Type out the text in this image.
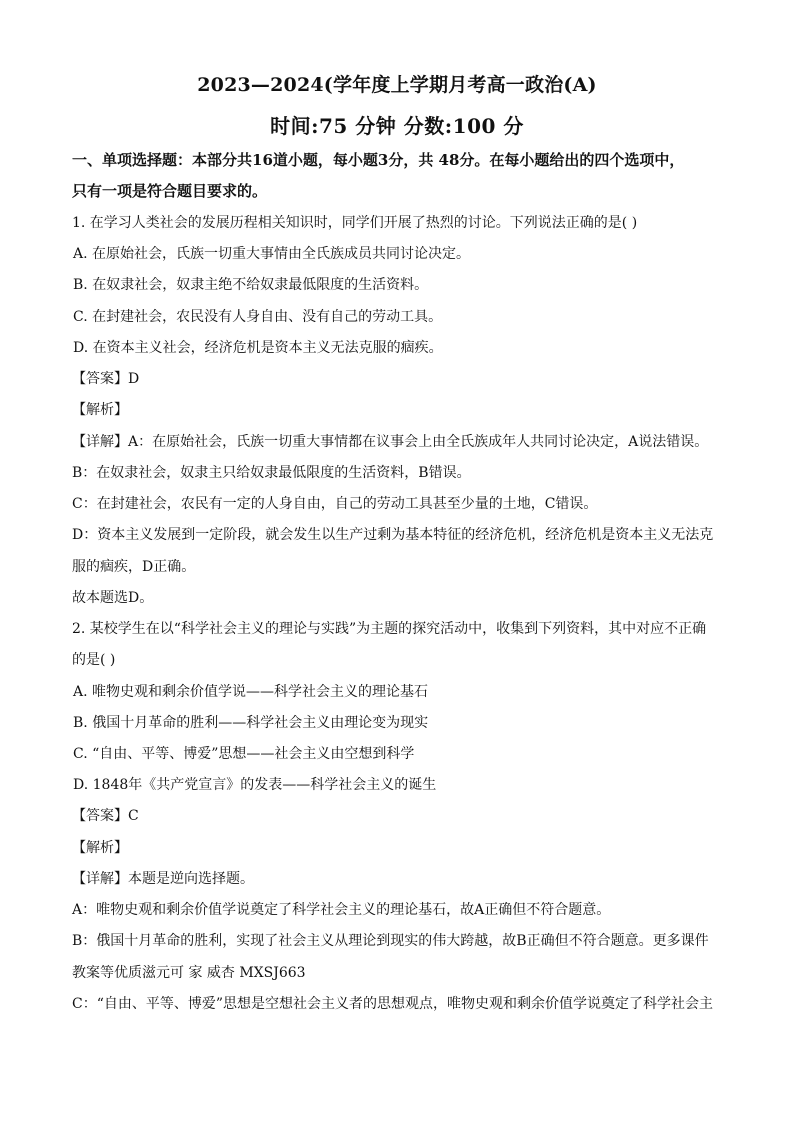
2023—2024(学年度上学期月考高一政治(A)
时间:75 分钟 分数:100 分
一、单项选择题：本部分共16道小题，每小题3分，共 48分。在每小题给出的四个选项中，
只有一项是符合题目要求的。
1. 在学习人类社会的发展历程相关知识时，同学们开展了热烈的讨论。下列说法正确的是( )
A. 在原始社会，氏族一切重大事情由全氏族成员共同讨论决定。
B. 在奴隶社会，奴隶主绝不给奴隶最低限度的生活资料。
C. 在封建社会，农民没有人身自由、没有自己的劳动工具。
D. 在资本主义社会，经济危机是资本主义无法克服的痼疾。
【答案】D
【解析】
【详解】A：在原始社会，氏族一切重大事情都在议事会上由全氏族成年人共同讨论决定，A说法错误。
B：在奴隶社会，奴隶主只给奴隶最低限度的生活资料，B错误。
C：在封建社会，农民有一定的人身自由，自己的劳动工具甚至少量的土地，C错误。
D：资本主义发展到一定阶段，就会发生以生产过剩为基本特征的经济危机，经济危机是资本主义无法克
服的痼疾，D正确。
故本题选D。
2. 某校学生在以“科学社会主义的理论与实践”为主题的探究活动中，收集到下列资料，其中对应不正确
的是( )
A. 唯物史观和剩余价值学说——科学社会主义的理论基石
B. 俄国十月革命的胜利——科学社会主义由理论变为现实
C. “自由、平等、博爱”思想——社会主义由空想到科学
D. 1848年《共产党宣言》的发表——科学社会主义的诞生
【答案】C
【解析】
【详解】本题是逆向选择题。
A：唯物史观和剩余价值学说奠定了科学社会主义的理论基石，故A正确但不符合题意。
B：俄国十月革命的胜利，实现了社会主义从理论到现实的伟大跨越，故B正确但不符合题意。更多课件
教案等优质滋元可 家 威杏 MXSJ663
C：“自由、平等、博爱”思想是空想社会主义者的思想观点，唯物史观和剩余价值学说奠定了科学社会主
